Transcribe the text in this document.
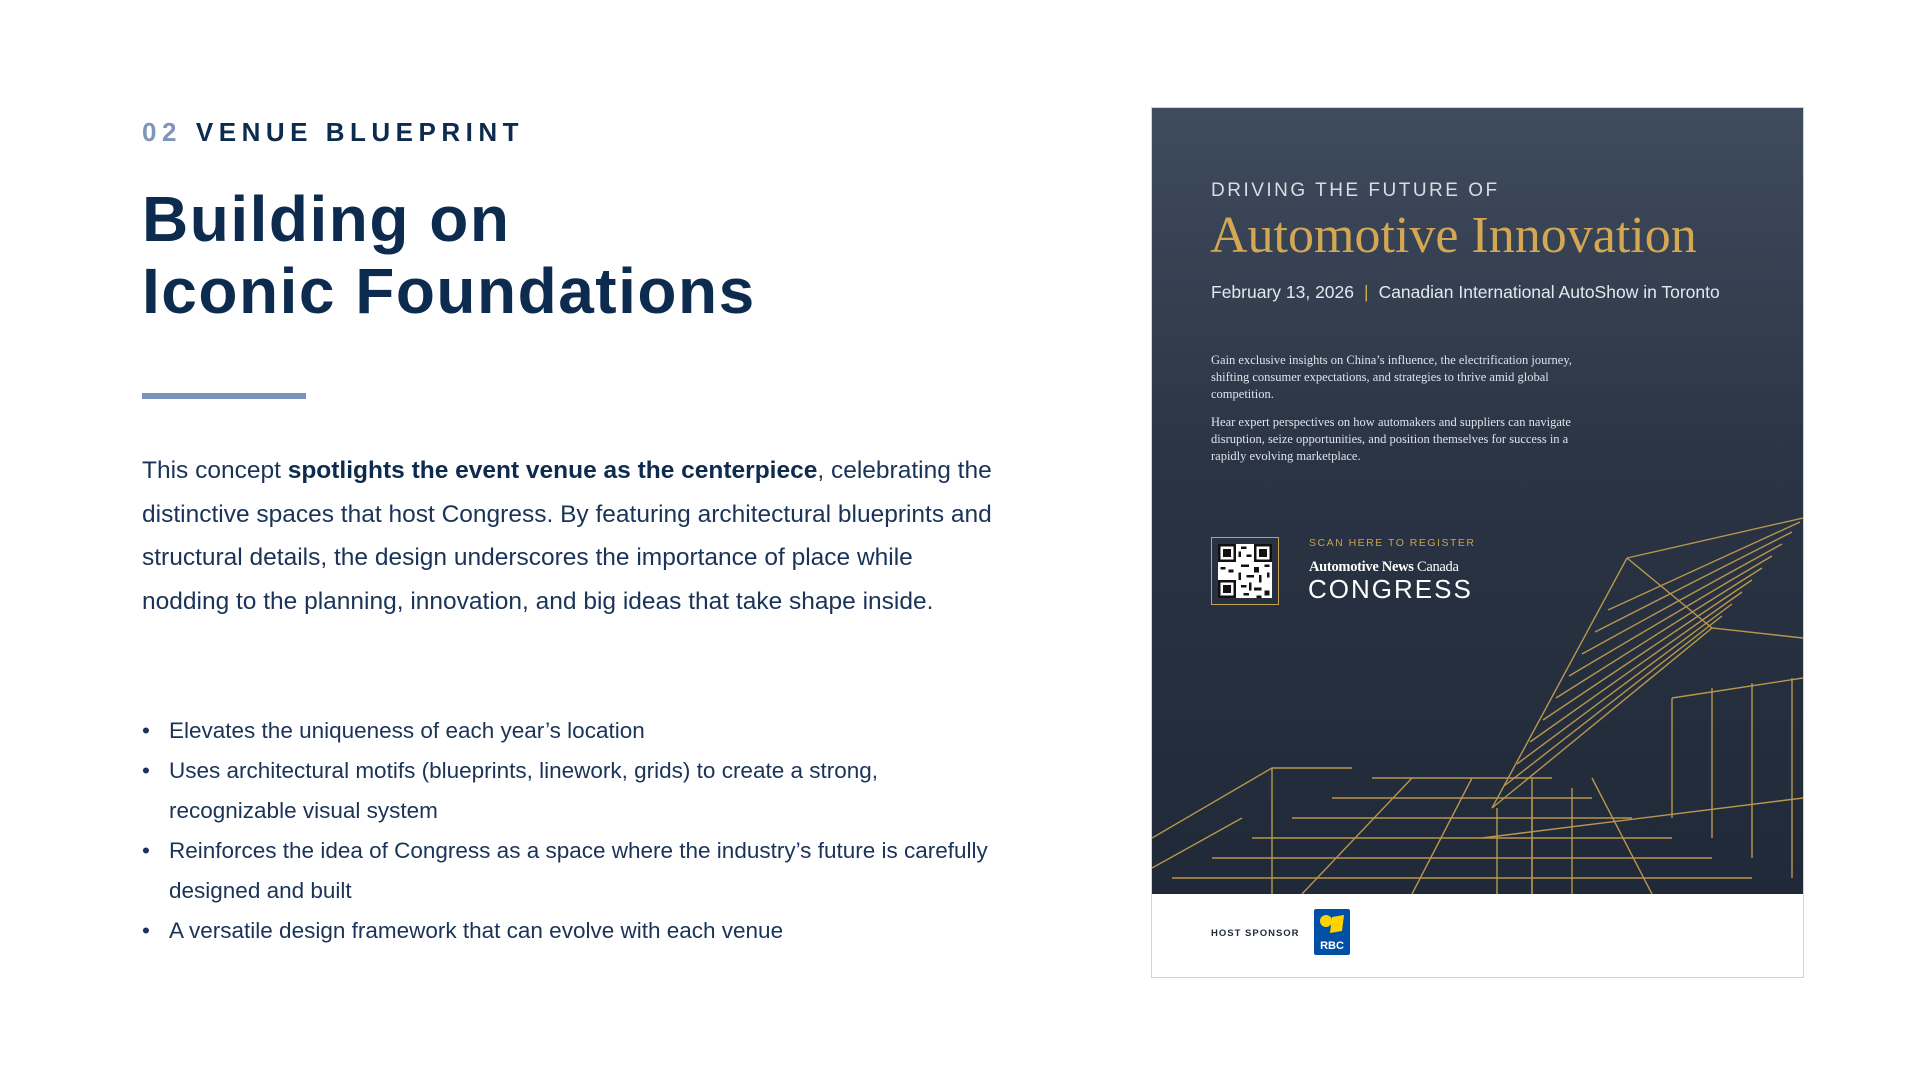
02 VENUE BLUEPRINT
Building on
Iconic Foundations

This concept spotlights the event venue as the centerpiece, celebrating the distinctive spaces that host Congress. By featuring architectural blueprints and structural details, the design underscores the importance of place while nodding to the planning, innovation, and big ideas that take shape inside.

• Elevates the uniqueness of each year’s location
• Uses architectural motifs (blueprints, linework, grids) to create a strong, recognizable visual system
• Reinforces the idea of Congress as a space where the industry’s future is carefully designed and built
• A versatile design framework that can evolve with each venue
DRIVING THE FUTURE OF
Automotive Innovation
February 13, 2026 | Canadian International AutoShow in Toronto

Gain exclusive insights on China’s influence, the electrification journey, shifting consumer expectations, and strategies to thrive amid global competition.

Hear expert perspectives on how automakers and suppliers can navigate disruption, seize opportunities, and position themselves for success in a rapidly evolving marketplace.

SCAN HERE TO REGISTER
Automotive News Canada
CONGRESS
HOST SPONSOR
RBC
